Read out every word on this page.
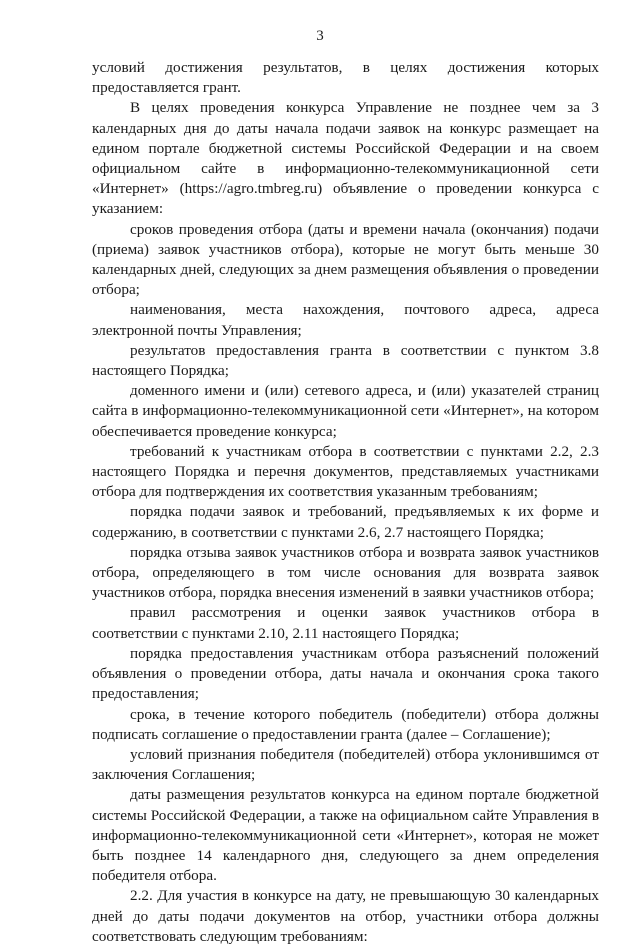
3

условий достижения результатов, в целях достижения которых предоставляется грант.

В целях проведения конкурса Управление не позднее чем за 3 календарных дня до даты начала подачи заявок на конкурс размещает на едином портале бюджетной системы Российской Федерации и на своем официальном сайте в информационно-телекоммуникационной сети «Интернет» (https://agro.tmbreg.ru) объявление о проведении конкурса с указанием:

сроков проведения отбора (даты и времени начала (окончания) подачи (приема) заявок участников отбора), которые не могут быть меньше 30 календарных дней, следующих за днем размещения объявления о проведении отбора;

наименования, места нахождения, почтового адреса, адреса электронной почты Управления;

результатов предоставления гранта в соответствии с пунктом 3.8 настоящего Порядка;

доменного имени и (или) сетевого адреса, и (или) указателей страниц сайта в информационно-телекоммуникационной сети «Интернет», на котором обеспечивается проведение конкурса;

требований к участникам отбора в соответствии с пунктами 2.2, 2.3 настоящего Порядка и перечня документов, представляемых участниками отбора для подтверждения их соответствия указанным требованиям;

порядка подачи заявок и требований, предъявляемых к их форме и содержанию, в соответствии с пунктами 2.6, 2.7 настоящего Порядка;

порядка отзыва заявок участников отбора и возврата заявок участников отбора, определяющего в том числе основания для возврата заявок участников отбора, порядка внесения изменений в заявки участников отбора;

правил рассмотрения и оценки заявок участников отбора в соответствии с пунктами 2.10, 2.11 настоящего Порядка;

порядка предоставления участникам отбора разъяснений положений объявления о проведении отбора, даты начала и окончания срока такого предоставления;

срока, в течение которого победитель (победители) отбора должны подписать соглашение о предоставлении гранта (далее – Соглашение);

условий признания победителя (победителей) отбора уклонившимся от заключения Соглашения;

даты размещения результатов конкурса на едином портале бюджетной системы Российской Федерации, а также на официальном сайте Управления в информационно-телекоммуникационной сети «Интернет», которая не может быть позднее 14 календарного дня, следующего за днем определения победителя отбора.

2.2. Для участия в конкурсе на дату, не превышающую 30 календарных дней до даты подачи документов на отбор, участники отбора должны соответствовать следующим требованиям:
